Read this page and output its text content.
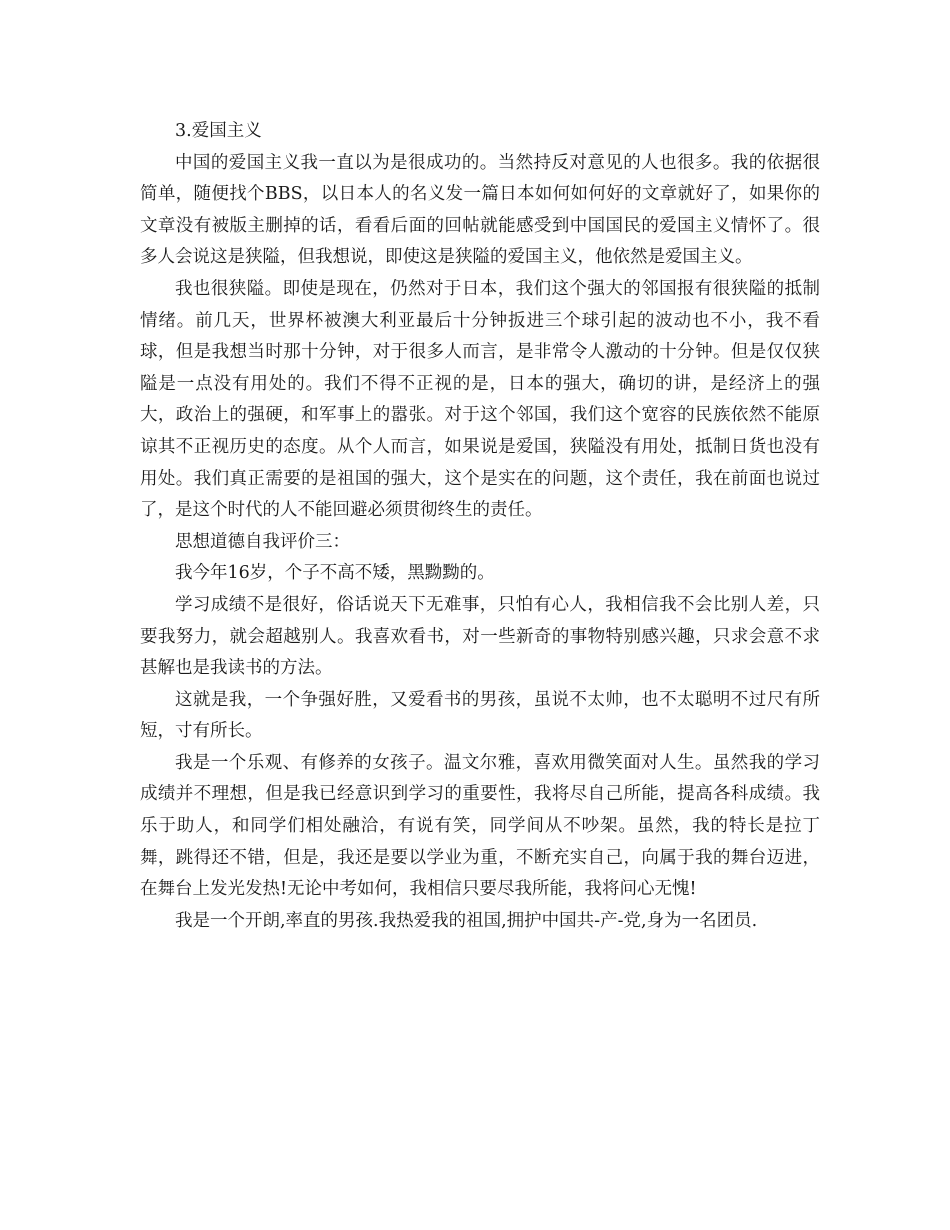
3.爱国主义

中国的爱国主义我一直以为是很成功的。当然持反对意见的人也很多。我的依据很简单，随便找个BBS，以日本人的名义发一篇日本如何如何好的文章就好了，如果你的文章没有被版主删掉的话，看看后面的回帖就能感受到中国国民的爱国主义情怀了。很多人会说这是狭隘，但我想说，即使这是狭隘的爱国主义，他依然是爱国主义。

我也很狭隘。即使是现在，仍然对于日本，我们这个强大的邻国报有很狭隘的抵制情绪。前几天，世界杯被澳大利亚最后十分钟扳进三个球引起的波动也不小，我不看球，但是我想当时那十分钟，对于很多人而言，是非常令人激动的十分钟。但是仅仅狭隘是一点没有用处的。我们不得不正视的是，日本的强大，确切的讲，是经济上的强大，政治上的强硬，和军事上的嚣张。对于这个邻国，我们这个宽容的民族依然不能原谅其不正视历史的态度。从个人而言，如果说是爱国，狭隘没有用处，抵制日货也没有用处。我们真正需要的是祖国的强大，这个是实在的问题，这个责任，我在前面也说过了，是这个时代的人不能回避必须贯彻终生的责任。

思想道德自我评价三：

我今年16岁，个子不高不矮，黑黝黝的。

学习成绩不是很好，俗话说天下无难事，只怕有心人，我相信我不会比别人差，只要我努力，就会超越别人。我喜欢看书，对一些新奇的事物特别感兴趣，只求会意不求甚解也是我读书的方法。

这就是我，一个争强好胜，又爱看书的男孩，虽说不太帅，也不太聪明不过尺有所短，寸有所长。

我是一个乐观、有修养的女孩子。温文尔雅，喜欢用微笑面对人生。虽然我的学习成绩并不理想，但是我已经意识到学习的重要性，我将尽自己所能，提高各科成绩。我乐于助人，和同学们相处融洽，有说有笑，同学间从不吵架。虽然，我的特长是拉丁舞，跳得还不错，但是，我还是要以学业为重，不断充实自己，向属于我的舞台迈进，在舞台上发光发热!无论中考如何，我相信只要尽我所能，我将问心无愧!

我是一个开朗,率直的男孩.我热爱我的祖国,拥护中国共-产-党,身为一名团员.
